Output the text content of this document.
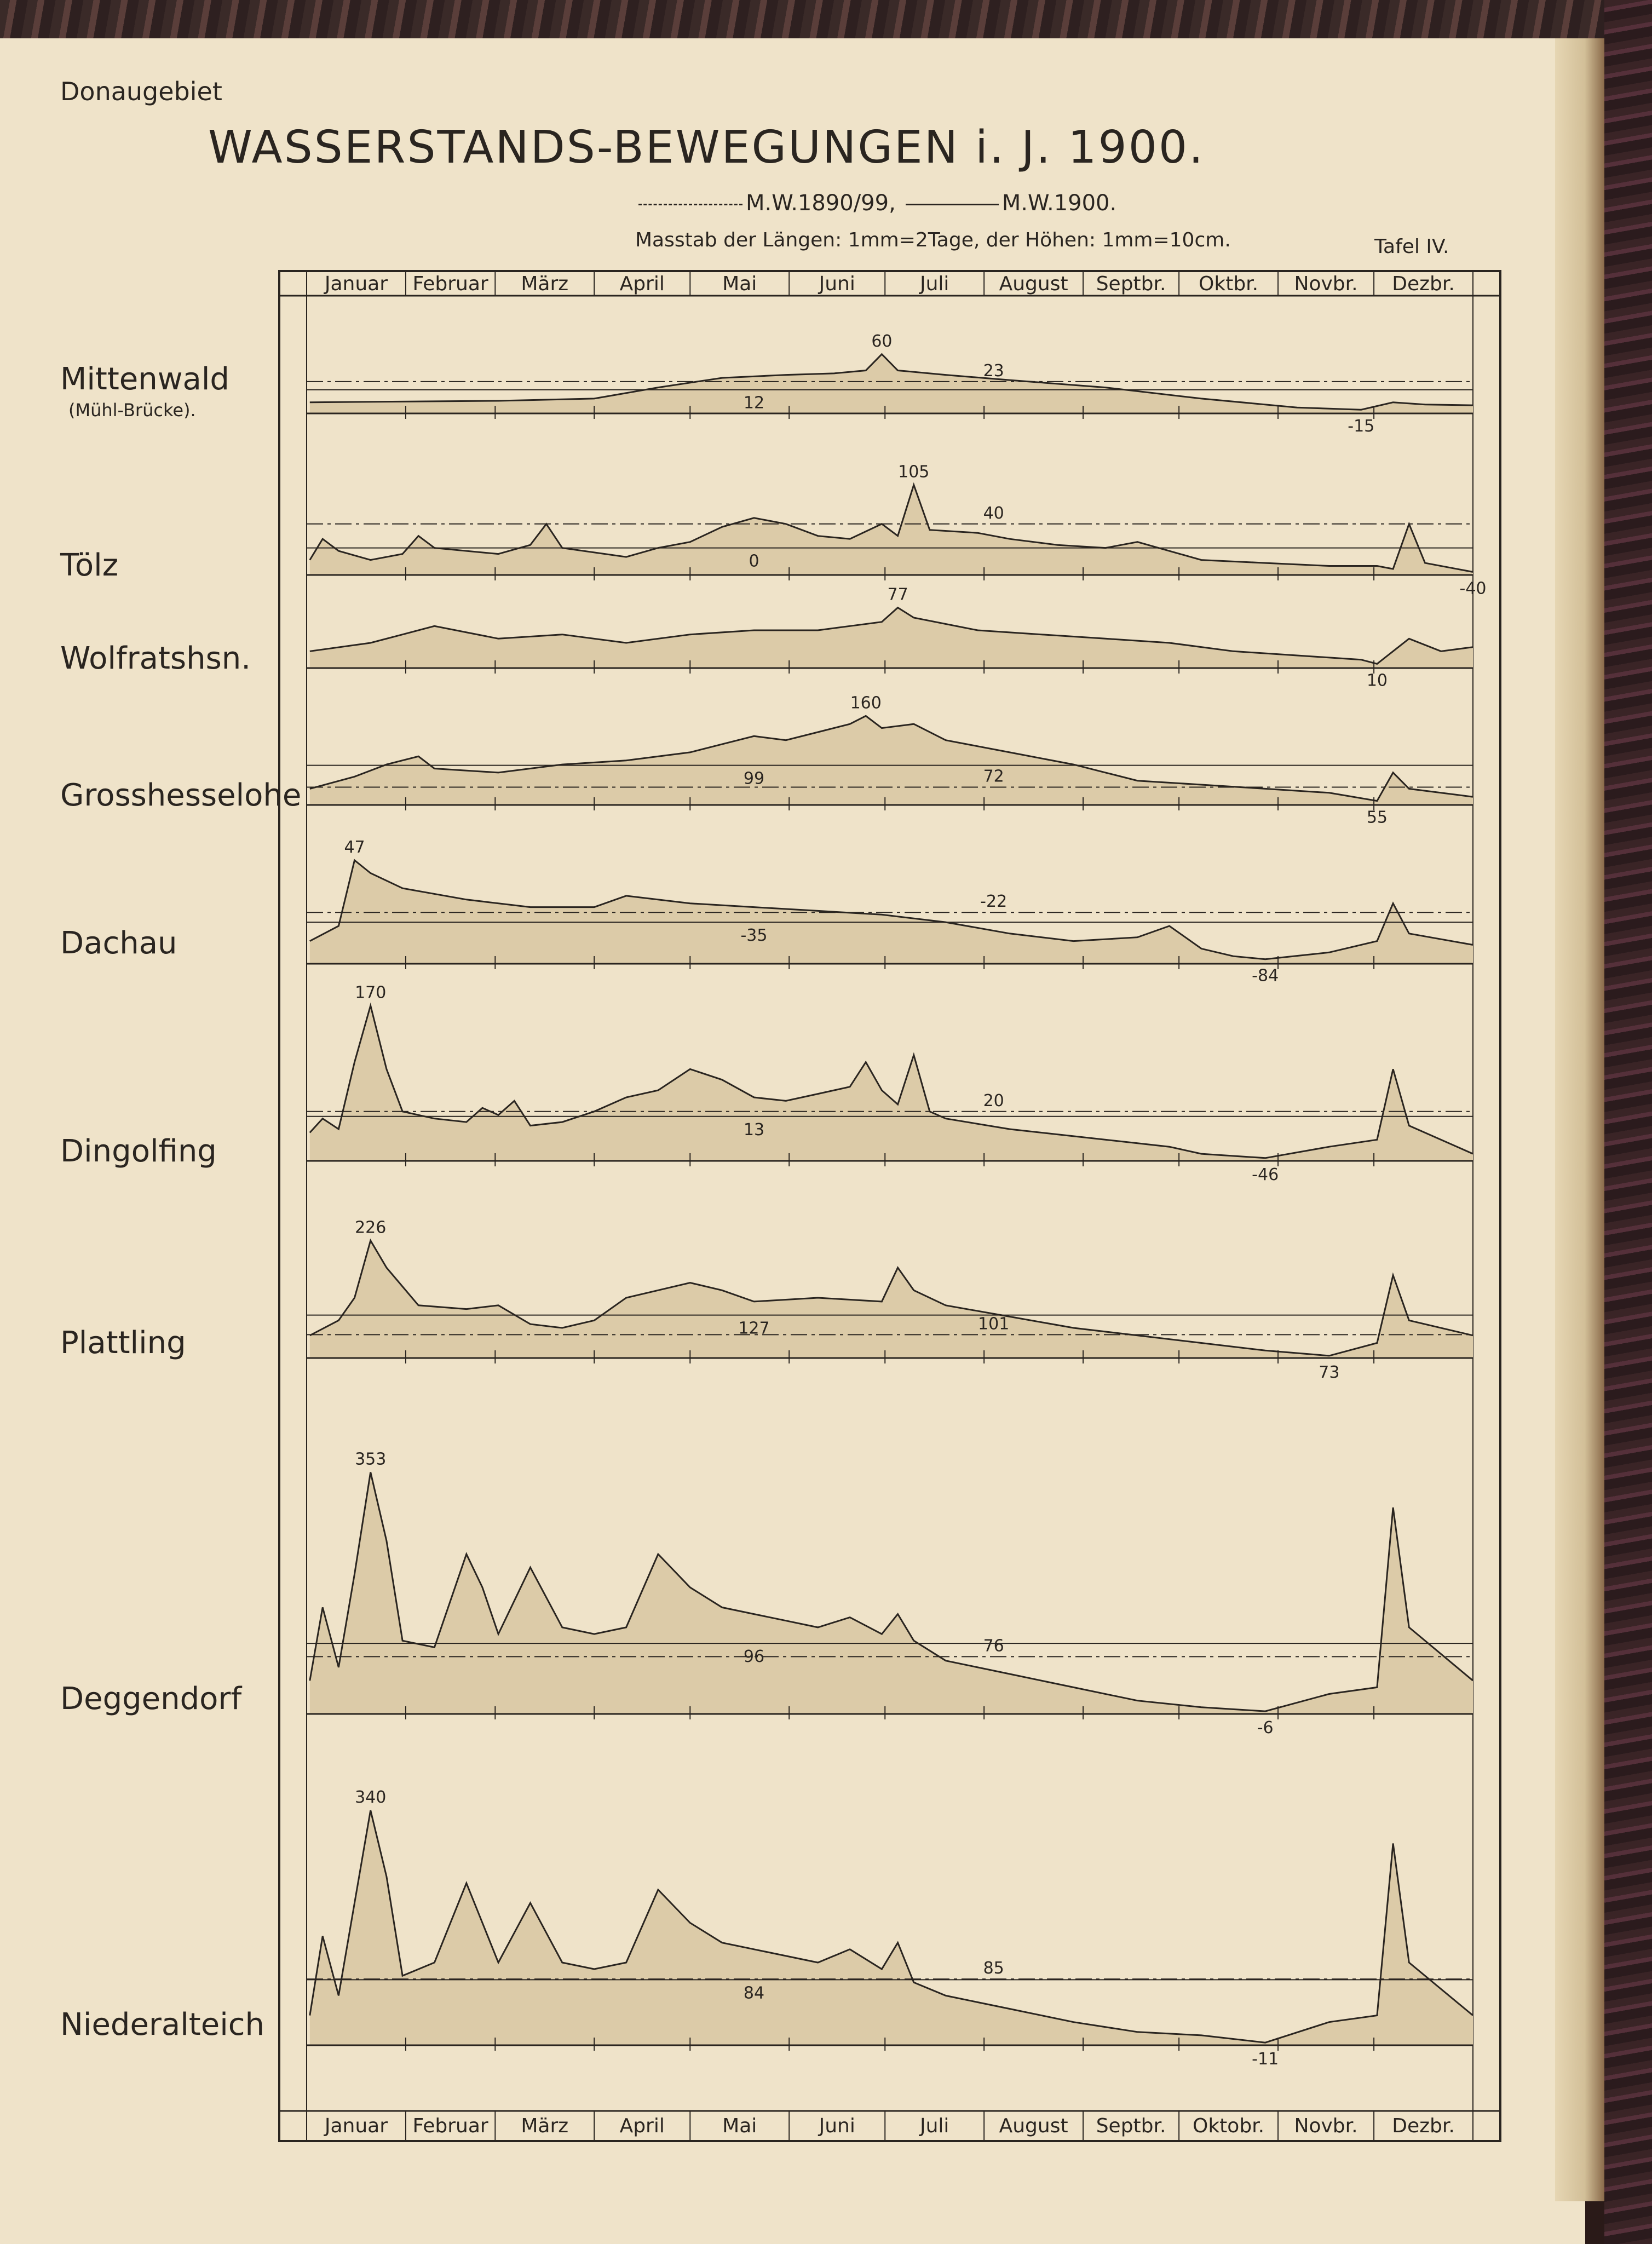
Donaugebiet
WASSERSTANDS-BEWEGUNGEN i. J. 1900.
M.W.1890/99,	M.W.1900.
Masstab der Längen: 1mm=2Tage, der Höhen: 1mm=10cm.	Tafel IV.
Januar
Januar
Februar
Februar
März
März
April
April
Mai
Mai
Juni
Juni
Juli
Juli
August
August
Septbr.
Septbr.
Oktbr.
Oktobr.
Novbr.
Novbr.
Dezbr.
Dezbr.
23
12
60
-15
40
0
105
-40
77
10
72
99
160
55
-22
-35
47
-84
20
13
170
-46
101
127
226
73
76
96
353
-6
85
84
340
-11
Mittenwald
(Mühl-Brücke).
Tölz
Wolfratshsn.
Grosshesselohe
Dachau
Dingolfing
Plattling
Deggendorf
Niederalteich
